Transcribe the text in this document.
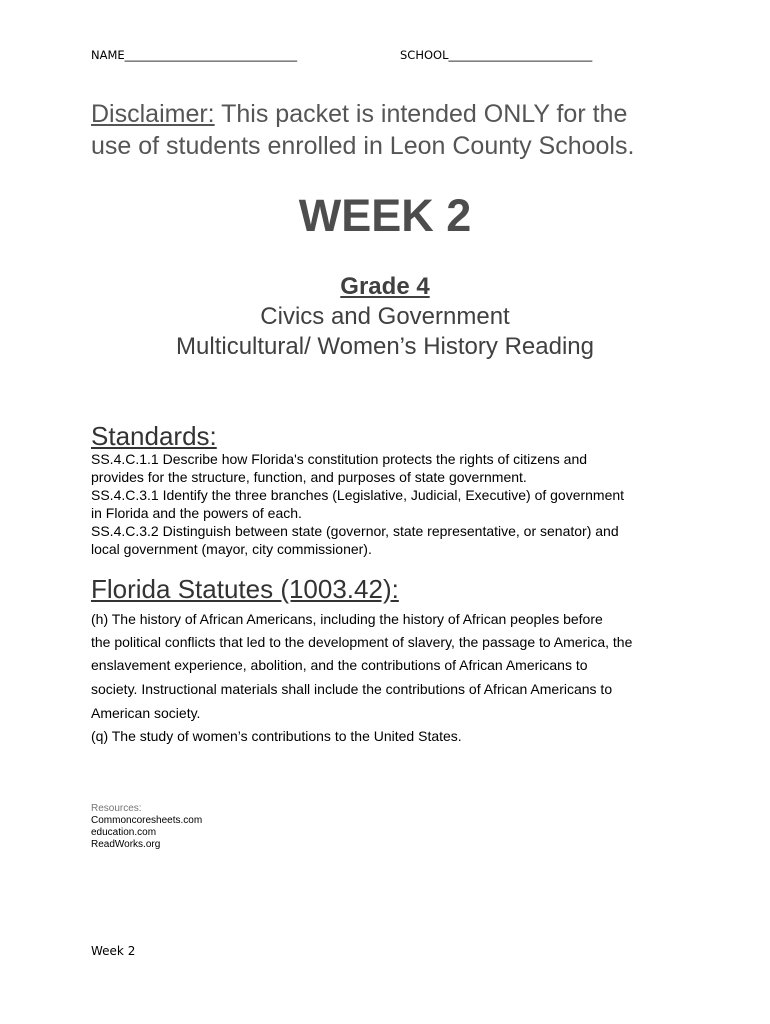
NAME______________________________	SCHOOL_________________________
Disclaimer: This packet is intended ONLY for the
use of students enrolled in Leon County Schools.
WEEK 2
Grade 4
Civics and Government
Multicultural/ Women’s History Reading
Standards:
SS.4.C.1.1 Describe how Florida's constitution protects the rights of citizens and
provides for the structure, function, and purposes of state government.
SS.4.C.3.1 Identify the three branches (Legislative, Judicial, Executive) of government
in Florida and the powers of each.
SS.4.C.3.2 Distinguish between state (governor, state representative, or senator) and
local government (mayor, city commissioner).
Florida Statutes (1003.42):
(h) The history of African Americans, including the history of African peoples before
the political conflicts that led to the development of slavery, the passage to America, the
enslavement experience, abolition, and the contributions of African Americans to
society. Instructional materials shall include the contributions of African Americans to
American society.
(q) The study of women’s contributions to the United States.
Resources:
Commoncoresheets.com
education.com
ReadWorks.org
Week 2
